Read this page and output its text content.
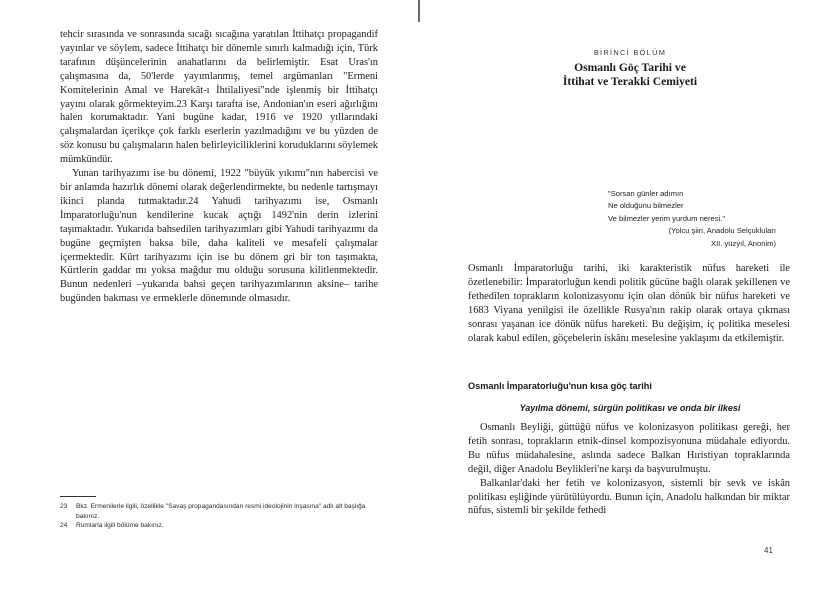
tehcir sırasında ve sonrasında sıcağı sıcağına yaratılan İttihatçı propagandif yayınlar ve söylem, sadece İttihatçı bir dönemle sınırlı kalmadığı için, Türk tarafının düşüncelerinin anahatlarını da belirlemiştir. Esat Uras'ın çalışmasına da, 50'lerde yayımlanmış, temel argümanları "Ermeni Komitelerinin Amal ve Harekât-ı İhtilaliyesi"nde işlenmiş bir İttihatçı yayını olarak görmekteyim.23 Karşı tarafta ise, Andonian'ın eseri ağırlığını halen korumaktadır. Yani bugüne kadar, 1916 ve 1920 yıllarındaki çalışmalardan içerikçe çok farklı eserlerin yazılmadığını ve bu yüzden de söz konusu bu çalışmaların halen belirleyiciliklerini koruduklarını söylemek mümkündür.

Yunan tarihyazımı ise bu dönemi, 1922 "büyük yıkımı"nın habercisi ve bir anlamda hazırlık dönemi olarak değerlendirmekte, bu nedenle tartışmayı ikinci planda tutmaktadır.24 Yahudi tarihyazımı ise, Osmanlı İmparatorluğu'nun kendilerine kucak açtığı 1492'nin derin izlerini taşımaktadır. Yukarıda bahsedilen tarihyazımları gibi Yahudi tarihyazımı da bugüne geçmişten baksa bile, daha kaliteli ve mesafeli çalışmalar içermektedir. Kürt tarihyazımı için ise bu dönem gri bir ton taşımakta, Kürtlerin gaddar mı yoksa mağdur mu olduğu sorusuna kilitlenmektedir. Bunun nedenleri –yukarıda bahsi geçen tarihyazımlarının aksine– tarihe bugünden bakması ve ermeklerle dönemınde olmasıdır.

23	Bkz. Ermenilerle ilgili, özellikle "Savaş propagandasından resmi ideolojinin inşasına" adlı alt başlığa bakınız.
24	Rumlarla ilgili bölüme bakınız.
BİRİNCİ BÖLÜM
Osmanlı Göç Tarihi ve
İttihat ve Terakki Cemiyeti
"Sorsan günler adımın
Ne olduğunu bilmezler
Ve bilmezler yerim yurdum neresi."
(Yolcu şiiri, Anadolu Selçukluları
XII. yüzyıl, Anonim)

Osmanlı İmparatorluğu tarihi, iki karakteristik nüfus hareketi ile özetlenebilir: İmparatorluğun kendi politik gücüne bağlı olarak şekillenen ve fethedilen toprakların kolonizasyonu için olan dönük bir nüfus hareketi ve 1683 Viyana yenilgisi ile özellikle Rusya'nın rakip olarak ortaya çıkması sonrası yaşanan ice dönük nüfus hareketi. Bu değişim, iç politika meselesi olarak kabul edilen, göçebelerin iskânı meselesine yaklaşımı da etkilemiştir.

Osmanlı İmparatorluğu'nun kısa göç tarihi
Yayılma dönemi, sürgün politikası ve onda bir ilkesi

Osmanlı Beyliği, güttüğü nüfus ve kolonizasyon politikası gereği, her fetih sonrası, toprakların etnik-dinsel kompozisyonuna müdahale ediyordu. Bu nüfus müdahalesine, aslında sadece Balkan Hıristiyan topraklarında değil, diğer Anadolu Beylikleri'ne karşı da başvurulmuştu.

Balkanlar'daki her fetih ve kolonizasyon, sistemli bir sevk ve iskân politikası eşliğinde yürütülüyordu. Bunun için, Anadolu halkından bir miktar nüfus, sistemli bir şekilde fethedi

41
